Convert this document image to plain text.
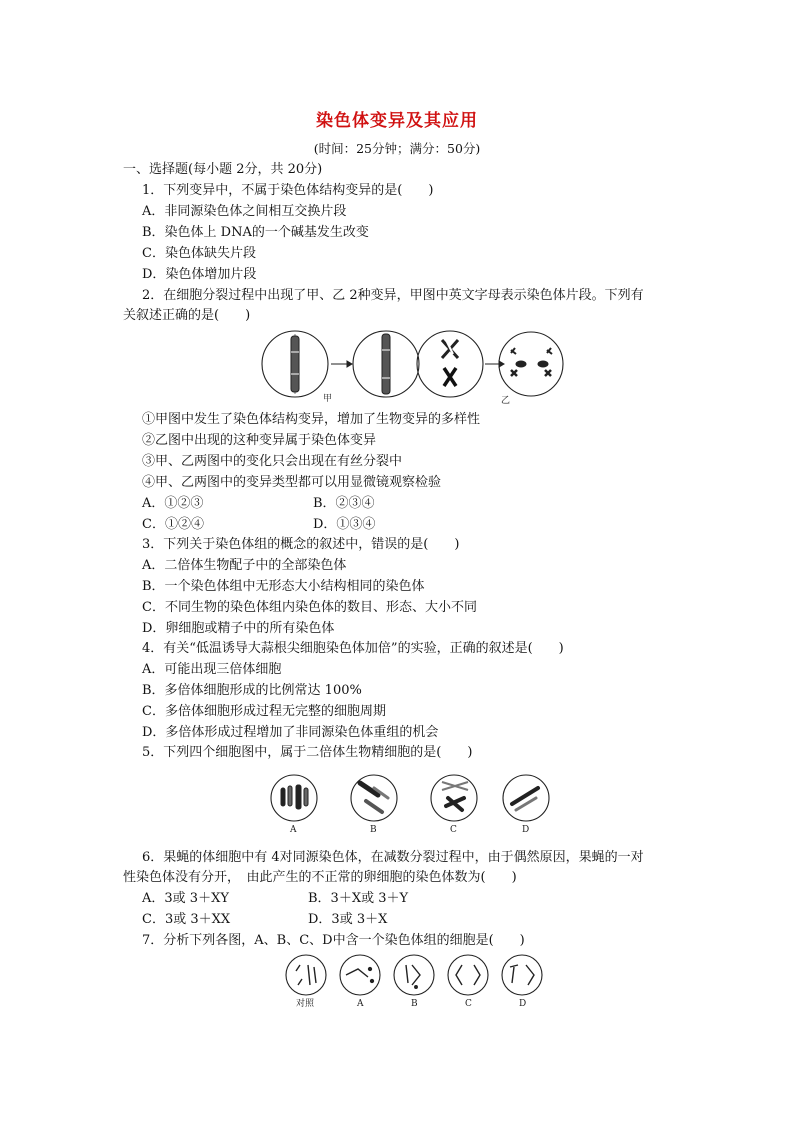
染色体变异及其应用
(时间：25分钟；满分：50分)
一、选择题(每小题 2分，共 20分)
1．下列变异中，不属于染色体结构变异的是(　　)
A．非同源染色体之间相互交换片段
B．染色体上 DNA的一个碱基发生改变
C．染色体缺失片段
D．染色体增加片段
2．在细胞分裂过程中出现了甲、乙 2种变异，甲图中英文字母表示染色体片段。下列有
关叙述正确的是(　　)
甲	乙
①甲图中发生了染色体结构变异，增加了生物变异的多样性
②乙图中出现的这种变异属于染色体变异
③甲、乙两图中的变化只会出现在有丝分裂中
④甲、乙两图中的变异类型都可以用显微镜观察检验
A．①②③	B．②③④
C．①②④	D．①③④
3．下列关于染色体组的概念的叙述中，错误的是(　　)
A．二倍体生物配子中的全部染色体
B．一个染色体组中无形态大小结构相同的染色体
C．不同生物的染色体组内染色体的数目、形态、大小不同
D．卵细胞或精子中的所有染色体
4．有关“低温诱导大蒜根尖细胞染色体加倍”的实验，正确的叙述是(　　)
A．可能出现三倍体细胞
B．多倍体细胞形成的比例常达 100%
C．多倍体细胞形成过程无完整的细胞周期
D．多倍体形成过程增加了非同源染色体重组的机会
5．下列四个细胞图中，属于二倍体生物精细胞的是(　　)
A	B	C	D
6．果蝇的体细胞中有 4对同源染色体，在减数分裂过程中，由于偶然原因，果蝇的一对
性染色体没有分开，　由此产生的不正常的卵细胞的染色体数为(　　)
A．3或 3＋XY	B．3＋X或 3＋Y
C．3或 3＋XX	D．3或 3＋X
7．分析下列各图，A、B、C、D中含一个染色体组的细胞是(　　)
对照	A	B	C	D
